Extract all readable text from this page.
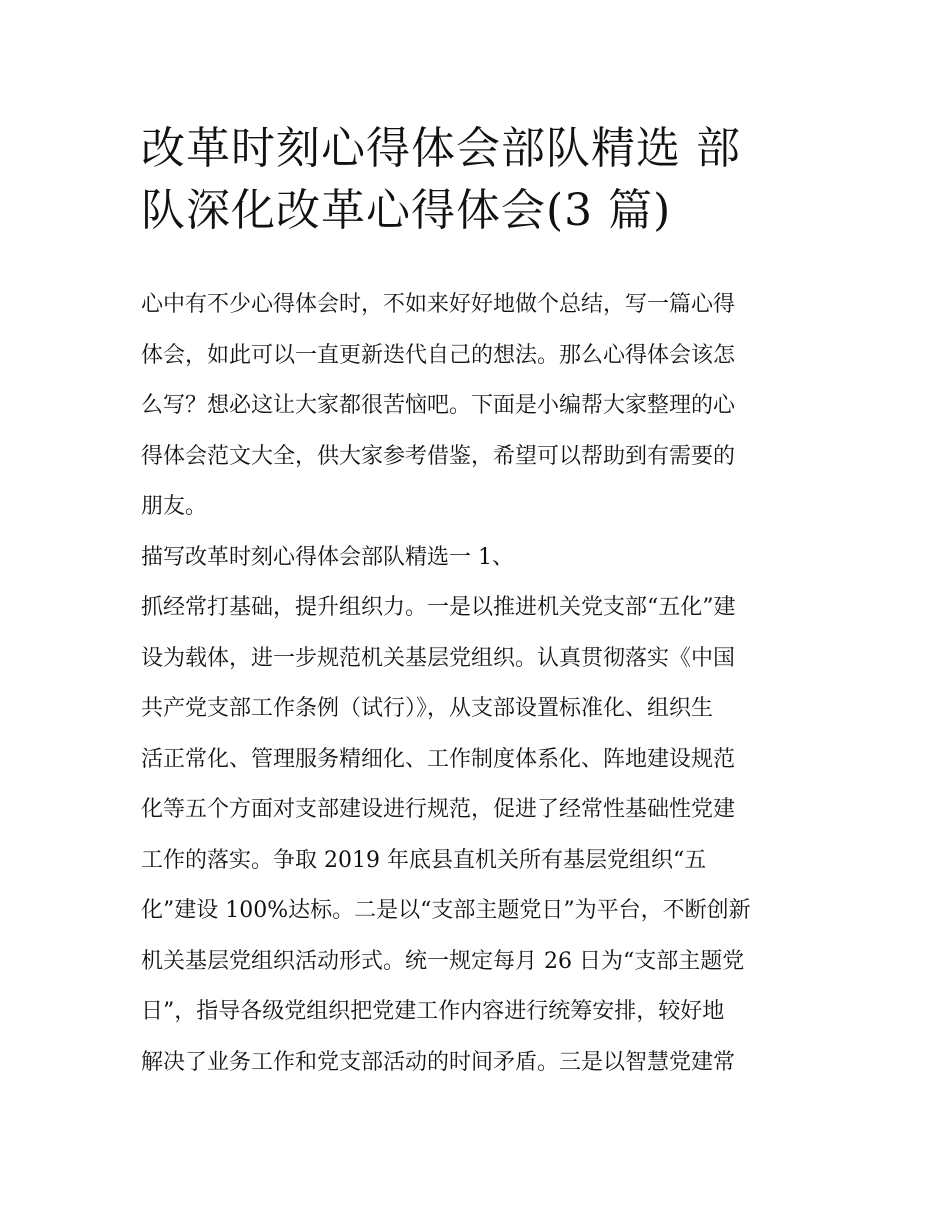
改革时刻心得体会部队精选 部
队深化改革心得体会(3 篇)
心中有不少心得体会时，不如来好好地做个总结，写一篇心得
体会，如此可以一直更新迭代自己的想法。那么心得体会该怎
么写？想必这让大家都很苦恼吧。下面是小编帮大家整理的心
得体会范文大全，供大家参考借鉴，希望可以帮助到有需要的
朋友。
描写改革时刻心得体会部队精选一 1、
抓经常打基础，提升组织力。一是以推进机关党支部“五化”建
设为载体，进一步规范机关基层党组织。认真贯彻落实《中国
共产党支部工作条例（试行）》，从支部设置标准化、组织生
活正常化、管理服务精细化、工作制度体系化、阵地建设规范
化等五个方面对支部建设进行规范，促进了经常性基础性党建
工作的落实。争取 2019 年底县直机关所有基层党组织“五
化”建设 100%达标。二是以“支部主题党日”为平台，不断创新
机关基层党组织活动形式。统一规定每月 26 日为“支部主题党
日”，指导各级党组织把党建工作内容进行统筹安排，较好地
解决了业务工作和党支部活动的时间矛盾。三是以智慧党建常
